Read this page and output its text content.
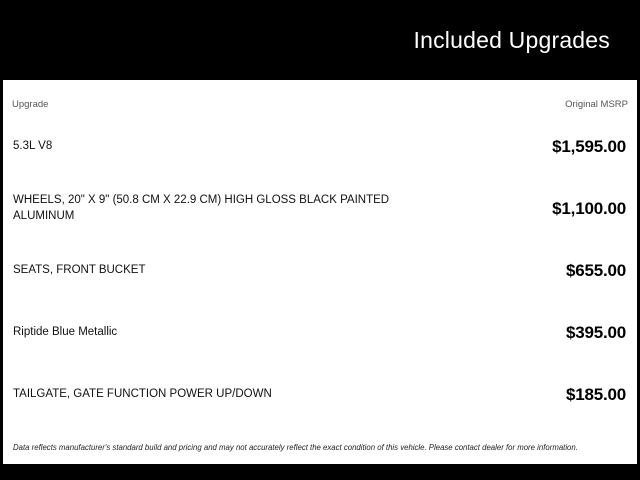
Included Upgrades
Upgrade	Original MSRP
5.3L V8	$1,595.00
WHEELS, 20" X 9" (50.8 CM X 22.9 CM) HIGH GLOSS BLACK PAINTED ALUMINUM	$1,100.00
SEATS, FRONT BUCKET	$655.00
Riptide Blue Metallic	$395.00
TAILGATE, GATE FUNCTION POWER UP/DOWN	$185.00
Data reflects manufacturer's standard build and pricing and may not accurately reflect the exact condition of this vehicle. Please contact dealer for more information.
